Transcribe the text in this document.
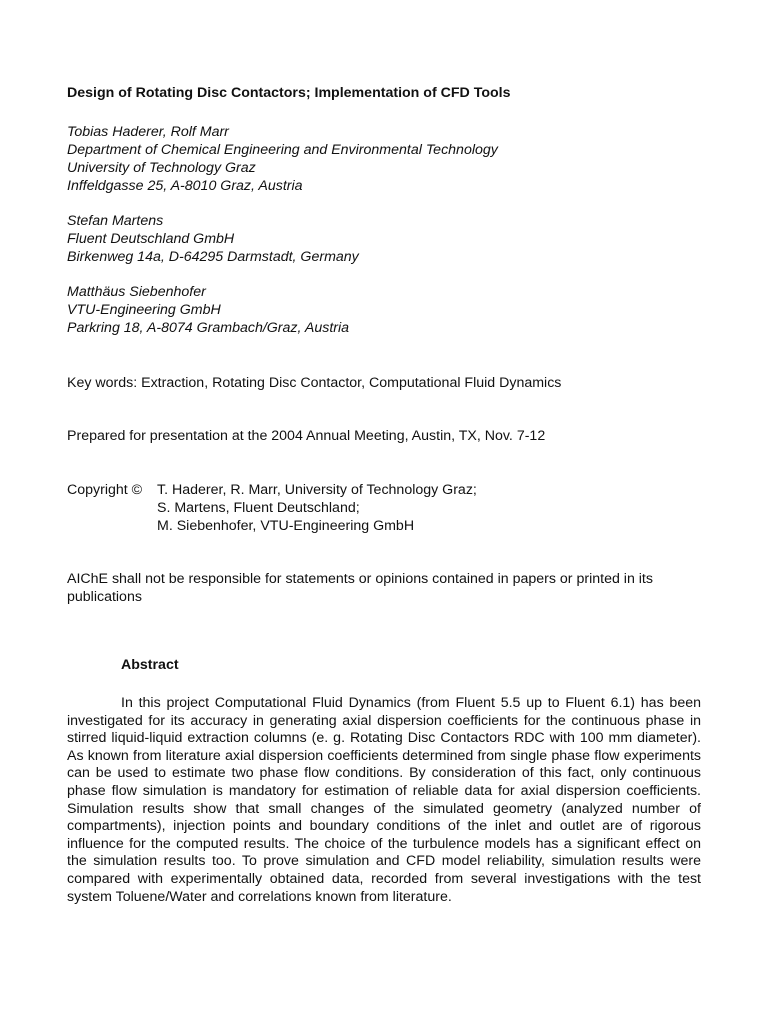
Design of Rotating Disc Contactors; Implementation of CFD Tools
Tobias Haderer, Rolf Marr
Department of Chemical Engineering and Environmental Technology
University of Technology Graz
Inffeldgasse 25, A-8010 Graz, Austria
Stefan Martens
Fluent Deutschland GmbH
Birkenweg 14a, D-64295 Darmstadt, Germany
Matthäus Siebenhofer
VTU-Engineering GmbH
Parkring 18, A-8074 Grambach/Graz, Austria
Key words: Extraction, Rotating Disc Contactor, Computational Fluid Dynamics
Prepared for presentation at the 2004 Annual Meeting, Austin, TX, Nov. 7-12
Copyright © T. Haderer, R. Marr, University of Technology Graz;
S. Martens, Fluent Deutschland;
M. Siebenhofer, VTU-Engineering GmbH
AIChE shall not be responsible for statements or opinions contained in papers or printed in its publications
Abstract

In this project Computational Fluid Dynamics (from Fluent 5.5 up to Fluent 6.1) has been investigated for its accuracy in generating axial dispersion coefficients for the continuous phase in stirred liquid-liquid extraction columns (e. g. Rotating Disc Contactors RDC with 100 mm diameter). As known from literature axial dispersion coefficients determined from single phase flow experiments can be used to estimate two phase flow conditions. By consideration of this fact, only continuous phase flow simulation is mandatory for estimation of reliable data for axial dispersion coefficients. Simulation results show that small changes of the simulated geometry (analyzed number of compartments), injection points and boundary conditions of the inlet and outlet are of rigorous influence for the computed results. The choice of the turbulence models has a significant effect on the simulation results too. To prove simulation and CFD model reliability, simulation results were compared with experimentally obtained data, recorded from several investigations with the test system Toluene/Water and correlations known from literature.
